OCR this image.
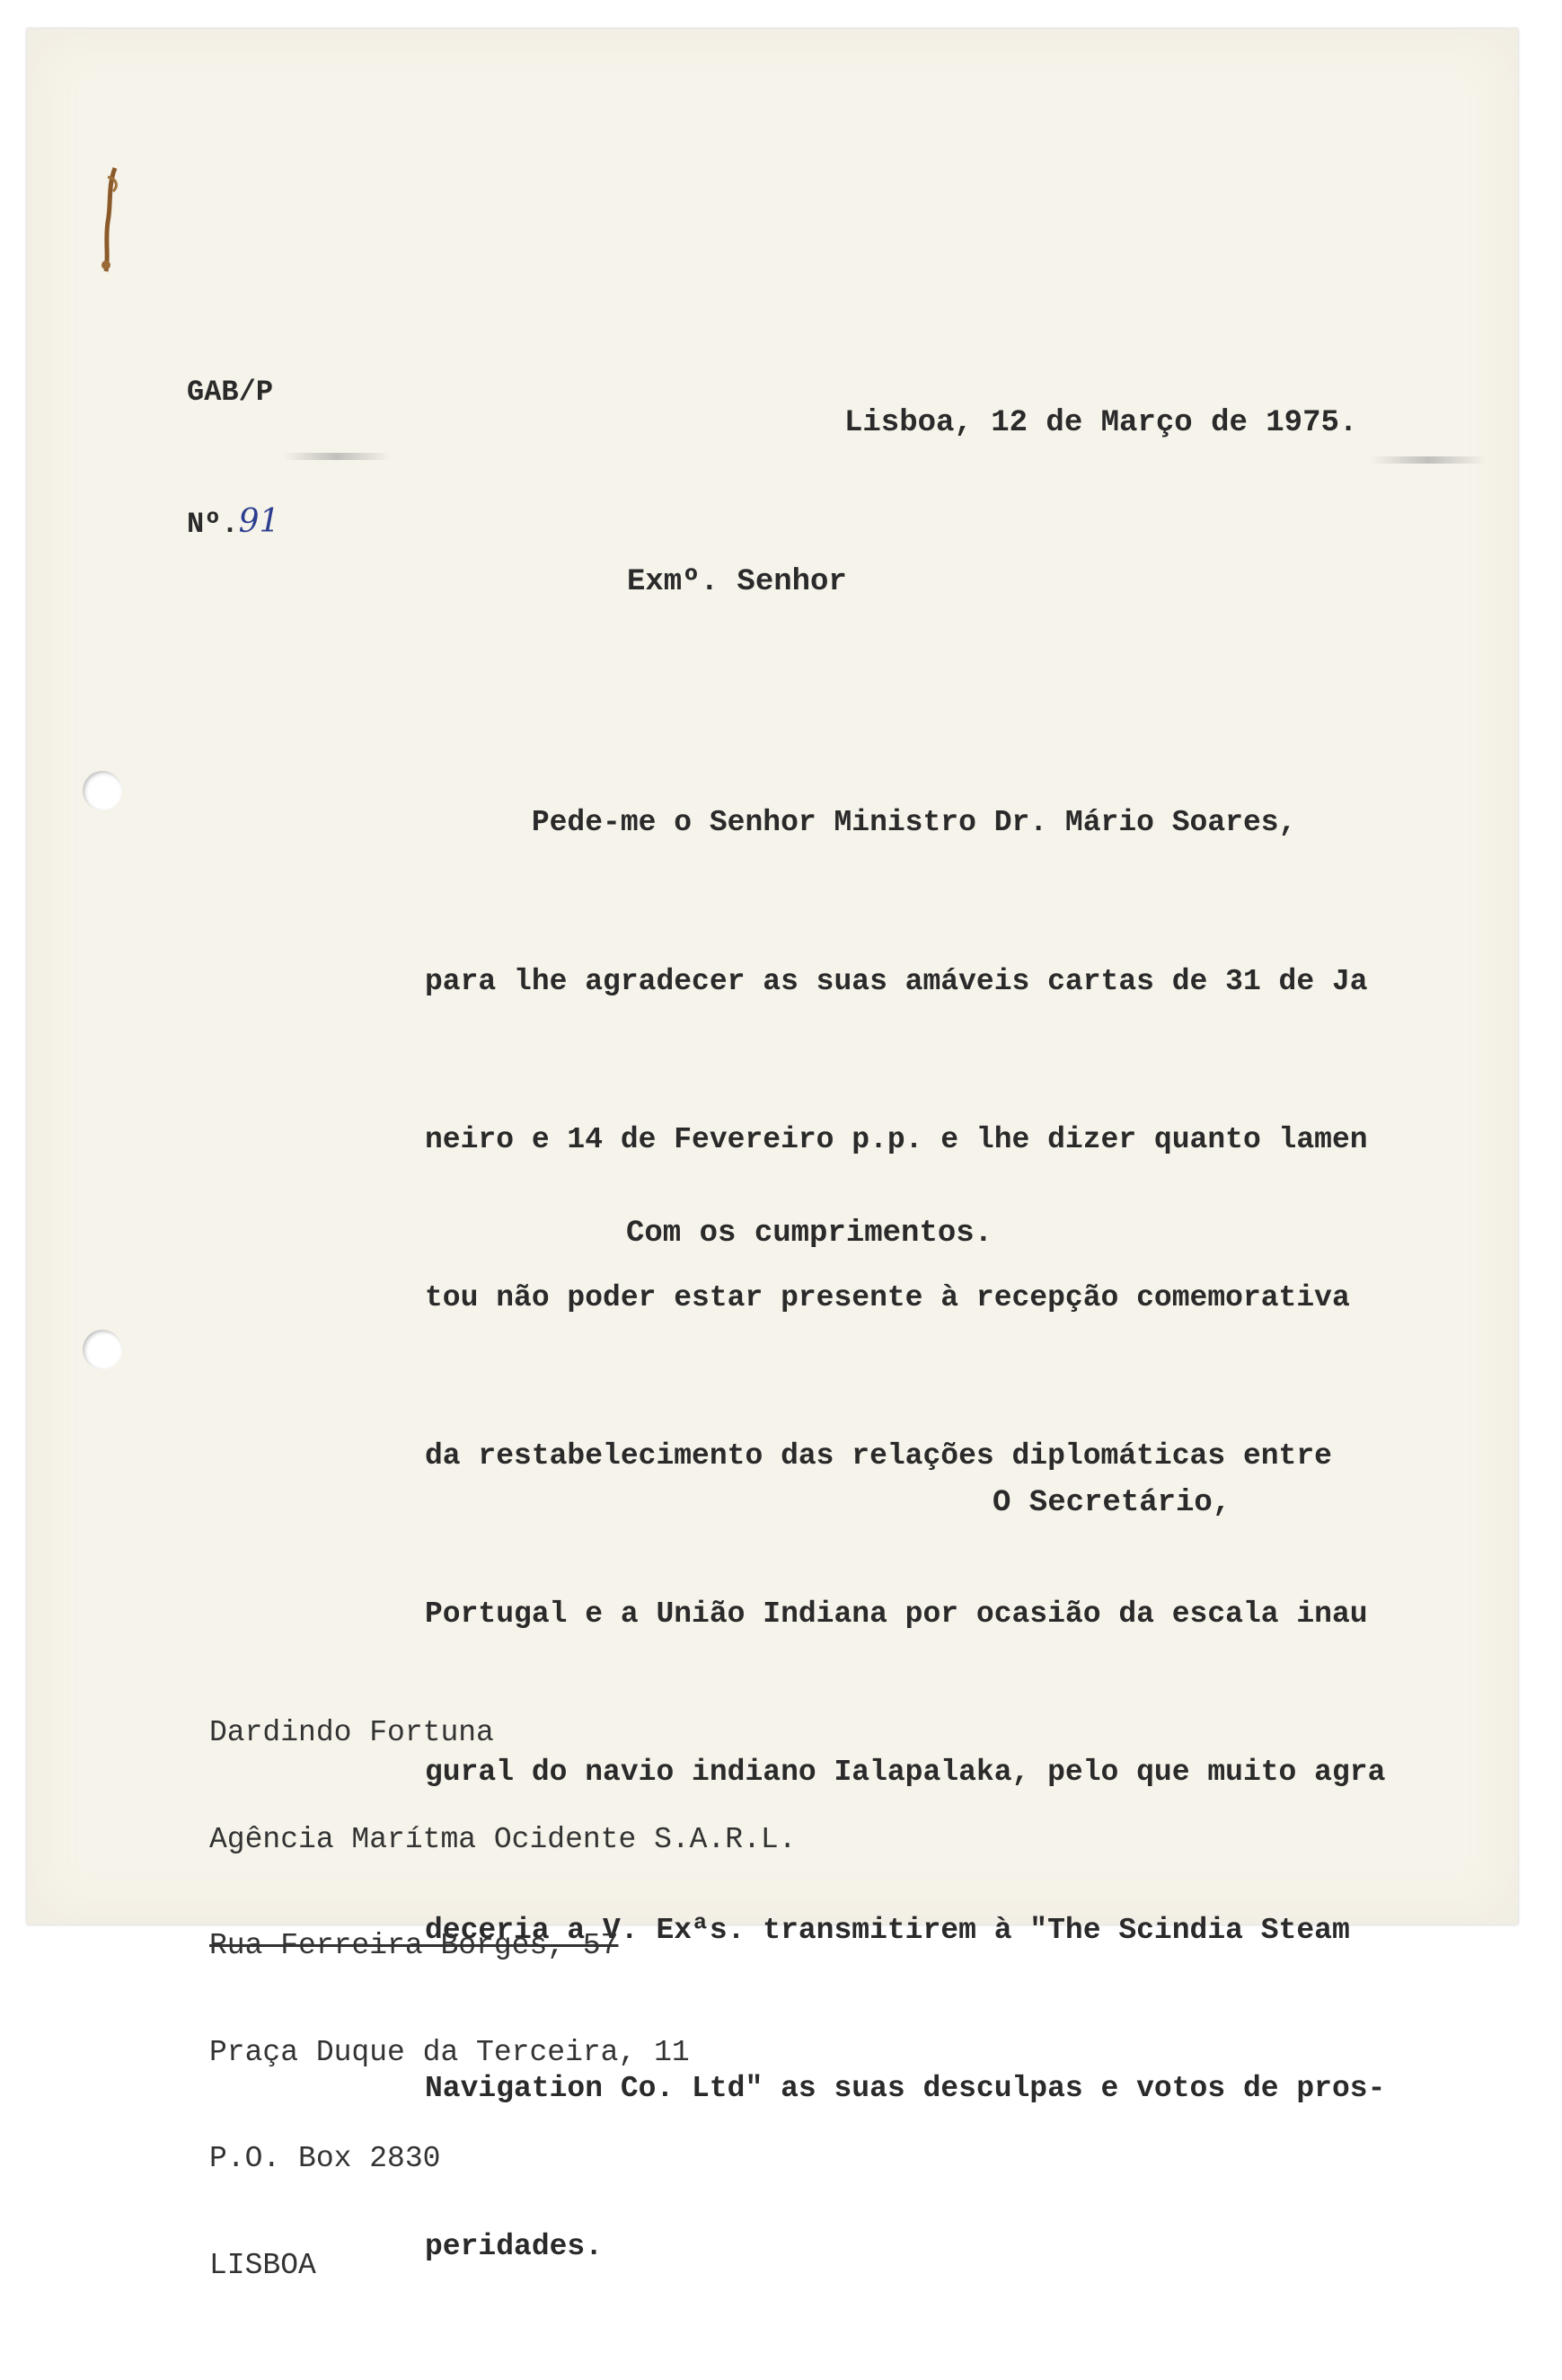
GAB/P

Nº.91

Lisboa, 12 de Março de 1975.
Exmº. Senhor

Pede-me o Senhor Ministro Dr. Mário Soares,

para lhe agradecer as suas amáveis cartas de 31 de Ja

neiro e 14 de Fevereiro p.p. e lhe dizer quanto lamen

tou não poder estar presente à recepção comemorativa

da restabelecimento das relações diplomáticas entre

Portugal e a União Indiana por ocasião da escala inau

gural do navio indiano Ialapalaka, pelo que muito agra

deceria a V. Exªs. transmitirem à "The Scindia Steam

Navigation Co. Ltd" as suas desculpas e votos de pros-

peridades.

Com os cumprimentos.
O Secretário,

Dardindo Fortuna

Agência Marítma Ocidente S.A.R.L.

Rua Ferreira Borges, 57

Praça Duque da Terceira, 11

P.O. Box 2830

LISBOA
